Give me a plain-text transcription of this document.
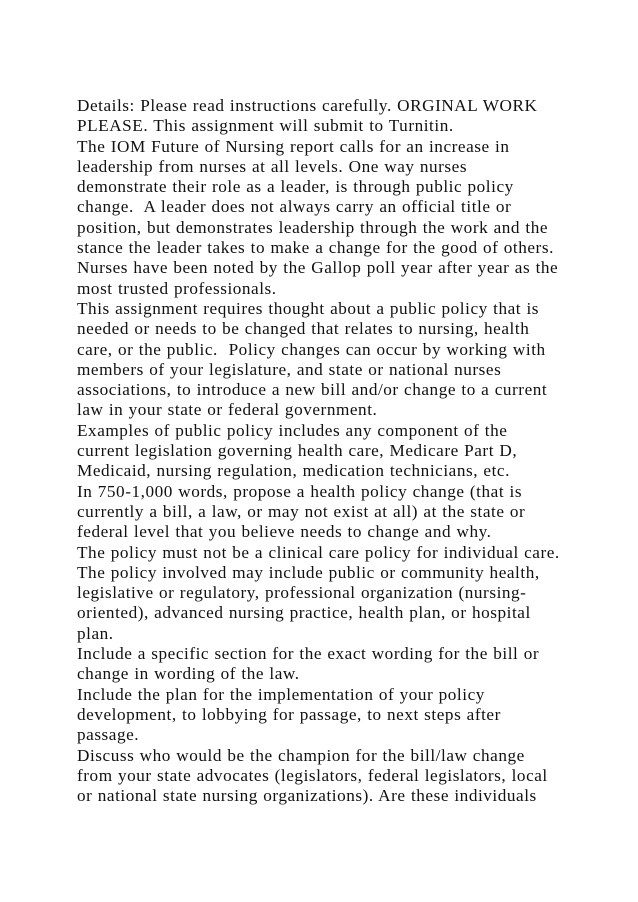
Details: Please read instructions carefully. ORGINAL WORK
PLEASE. This assignment will submit to Turnitin.
The IOM Future of Nursing report calls for an increase in
leadership from nurses at all levels. One way nurses
demonstrate their role as a leader, is through public policy
change.  A leader does not always carry an official title or
position, but demonstrates leadership through the work and the
stance the leader takes to make a change for the good of others.
Nurses have been noted by the Gallop poll year after year as the
most trusted professionals.
This assignment requires thought about a public policy that is
needed or needs to be changed that relates to nursing, health
care, or the public.  Policy changes can occur by working with
members of your legislature, and state or national nurses
associations, to introduce a new bill and/or change to a current
law in your state or federal government.
Examples of public policy includes any component of the
current legislation governing health care, Medicare Part D,
Medicaid, nursing regulation, medication technicians, etc.
In 750-1,000 words, propose a health policy change (that is
currently a bill, a law, or may not exist at all) at the state or
federal level that you believe needs to change and why.
The policy must not be a clinical care policy for individual care.
The policy involved may include public or community health,
legislative or regulatory, professional organization (nursing-
oriented), advanced nursing practice, health plan, or hospital
plan.
Include a specific section for the exact wording for the bill or
change in wording of the law.
Include the plan for the implementation of your policy
development, to lobbying for passage, to next steps after
passage.
Discuss who would be the champion for the bill/law change
from your state advocates (legislators, federal legislators, local
or national state nursing organizations). Are these individuals
